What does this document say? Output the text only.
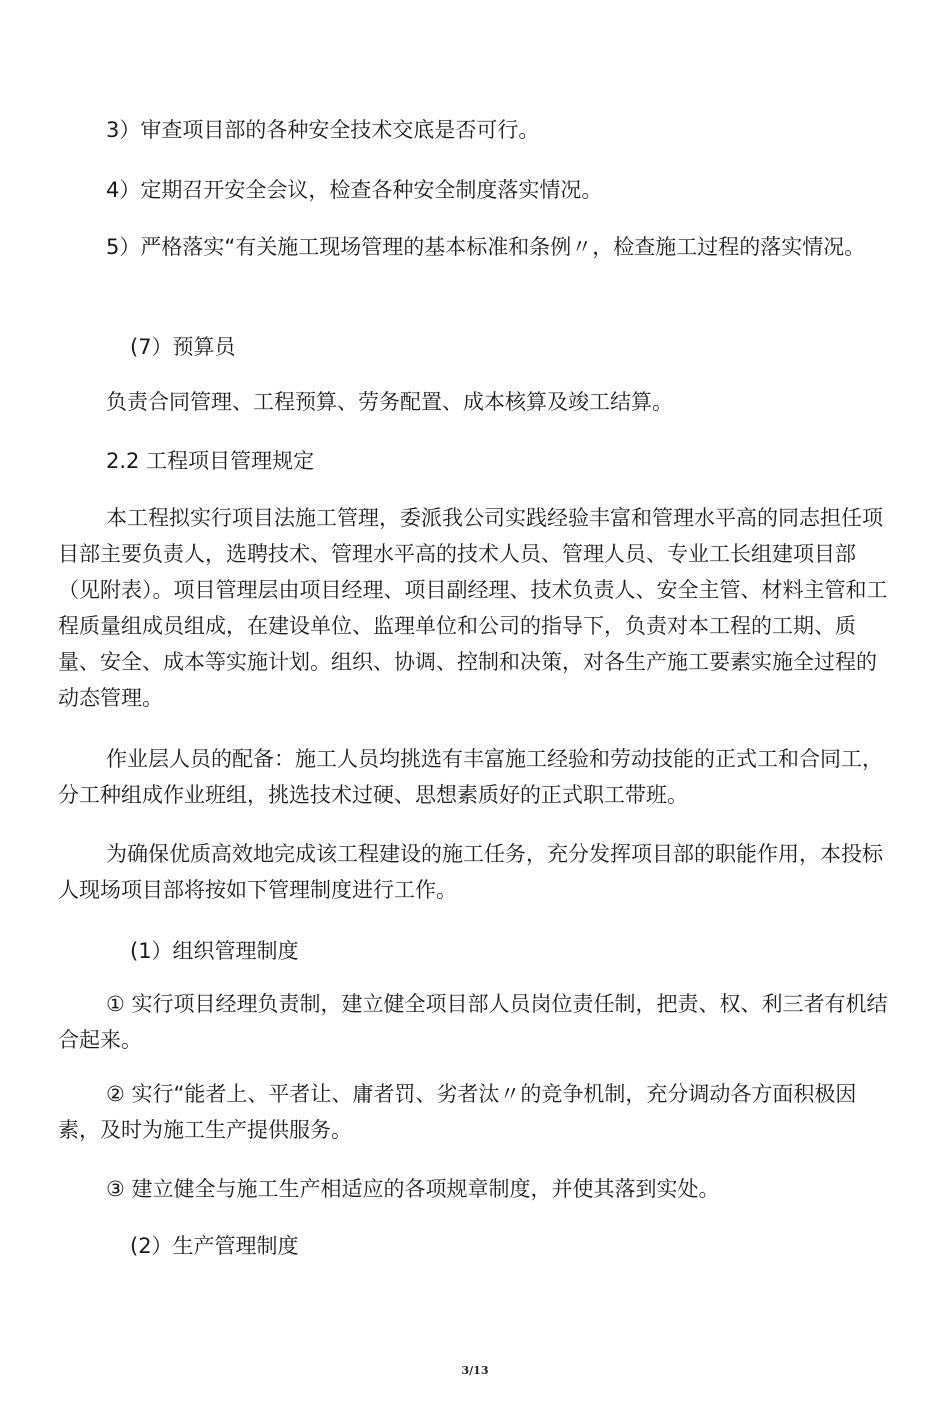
3）审查项目部的各种安全技术交底是否可行。

4）定期召开安全会议，检查各种安全制度落实情况。

5）严格落实“有关施工现场管理的基本标准和条例〃，检查施工过程的落实情况。

(7）预算员

负责合同管理、工程预算、劳务配置、成本核算及竣工结算。

2.2 工程项目管理规定

本工程拟实行项目法施工管理，委派我公司实践经验丰富和管理水平高的同志担任项目部主要负责人，选聘技术、管理水平高的技术人员、管理人员、专业工长组建项目部（见附表）。项目管理层由项目经理、项目副经理、技术负责人、安全主管、材料主管和工程质量组成员组成，在建设单位、监理单位和公司的指导下，负责对本工程的工期、质量、安全、成本等实施计划。组织、协调、控制和决策，对各生产施工要素实施全过程的动态管理。

作业层人员的配备：施工人员均挑选有丰富施工经验和劳动技能的正式工和合同工，分工种组成作业班组，挑选技术过硬、思想素质好的正式职工带班。

为确保优质高效地完成该工程建设的施工任务，充分发挥项目部的职能作用，本投标人现场项目部将按如下管理制度进行工作。

(1）组织管理制度

① 实行项目经理负责制，建立健全项目部人员岗位责任制，把责、权、利三者有机结合起来。

② 实行“能者上、平者让、庸者罚、劣者汰〃的竞争机制，充分调动各方面积极因素，及时为施工生产提供服务。

③ 建立健全与施工生产相适应的各项规章制度，并使其落到实处。

(2）生产管理制度

3/13
